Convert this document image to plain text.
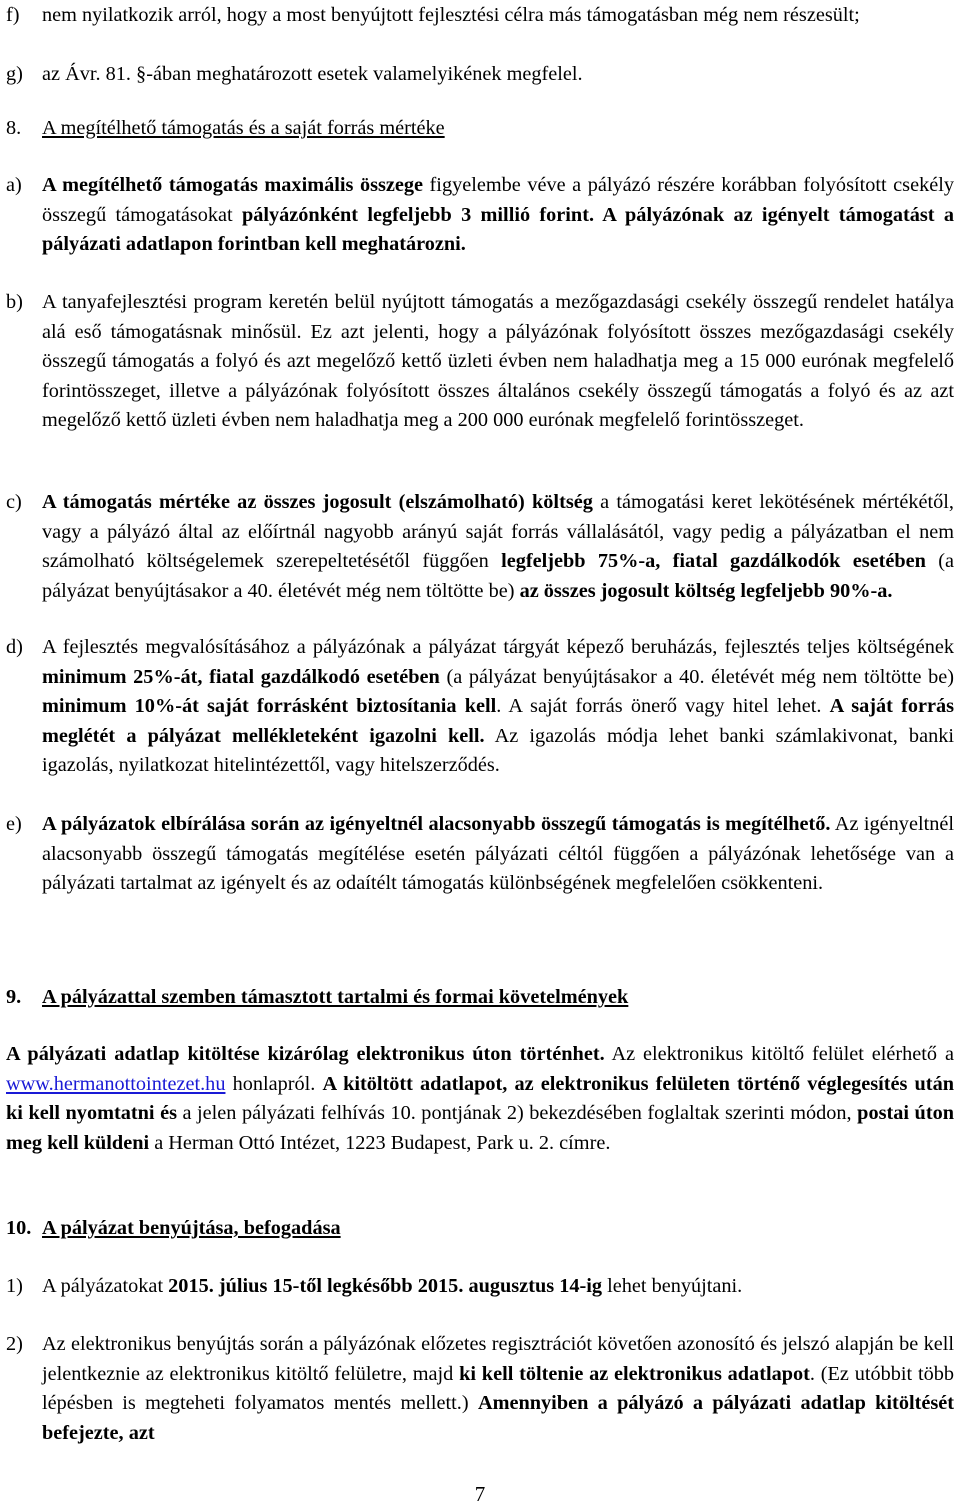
f)	nem nyilatkozik arról, hogy a most benyújtott fejlesztési célra más támogatásban még nem részesült;
g) az Ávr. 81. §-ában meghatározott esetek valamelyikének megfelel.
8.	A megítélhető támogatás és a saját forrás mértéke
a) A megítélhető támogatás maximális összege figyelembe véve a pályázó részére korábban folyósított csekély összegű támogatásokat pályázónként legfeljebb 3 millió forint. A pályázónak az igényelt támogatást a pályázati adatlapon forintban kell meghatározni.
b) A tanyafejlesztési program keretén belül nyújtott támogatás a mezőgazdasági csekély összegű rendelet hatálya alá eső támogatásnak minősül. Ez azt jelenti, hogy a pályázónak folyósított összes mezőgazdasági csekély összegű támogatás a folyó és azt megelőző kettő üzleti évben nem haladhatja meg a 15 000 eurónak megfelelő forintösszeget, illetve a pályázónak folyósított összes általános csekély összegű támogatás a folyó és az azt megelőző kettő üzleti évben nem haladhatja meg a 200 000 eurónak megfelelő forintösszeget.
c) A támogatás mértéke az összes jogosult (elszámolható) költség a támogatási keret lekötésének mértékétől, vagy a pályázó által az előírtnál nagyobb arányú saját forrás vállalásától, vagy pedig a pályázatban el nem számolható költségelemek szerepeltetésétől függően legfeljebb 75%-a, fiatal gazdálkodók esetében (a pályázat benyújtásakor a 40. életévét még nem töltötte be) az összes jogosult költség legfeljebb 90%-a.
d) A fejlesztés megvalósításához a pályázónak a pályázat tárgyát képező beruházás, fejlesztés teljes költségének minimum 25%-át, fiatal gazdálkodó esetében (a pályázat benyújtásakor a 40. életévét még nem töltötte be) minimum 10%-át saját forrásként biztosítania kell. A saját forrás önerő vagy hitel lehet. A saját forrás meglétét a pályázat mellékleteként igazolni kell. Az igazolás módja lehet banki számlakivonat, banki igazolás, nyilatkozat hitelintézettől, vagy hitelszerződés.
e) A pályázatok elbírálása során az igényeltnél alacsonyabb összegű támogatás is megítélhető. Az igényeltnél alacsonyabb összegű támogatás megítélése esetén pályázati céltól függően a pályázónak lehetősége van a pályázati tartalmat az igényelt és az odaítélt támogatás különbségének megfelelően csökkenteni.
9.	A pályázattal szemben támasztott tartalmi és formai követelmények
A pályázati adatlap kitöltése kizárólag elektronikus úton történhet. Az elektronikus kitöltő felület elérhető a www.hermanottointezet.hu honlapról. A kitöltött adatlapot, az elektronikus felületen történő véglegesítés után ki kell nyomtatni és a jelen pályázati felhívás 10. pontjának 2) bekezdésében foglaltak szerinti módon, postai úton meg kell küldeni a Herman Ottó Intézet, 1223 Budapest, Park u. 2. címre.
10. A pályázat benyújtása, befogadása
1) A pályázatokat 2015. július 15-től legkésőbb 2015. augusztus 14-ig lehet benyújtani.
2) Az elektronikus benyújtás során a pályázónak előzetes regisztrációt követően azonosító és jelszó alapján be kell jelentkeznie az elektronikus kitöltő felületre, majd ki kell töltenie az elektronikus adatlapot. (Ez utóbbit több lépésben is megteheti folyamatos mentés mellett.) Amennyiben a pályázó a pályázati adatlap kitöltését befejezte, azt
7
